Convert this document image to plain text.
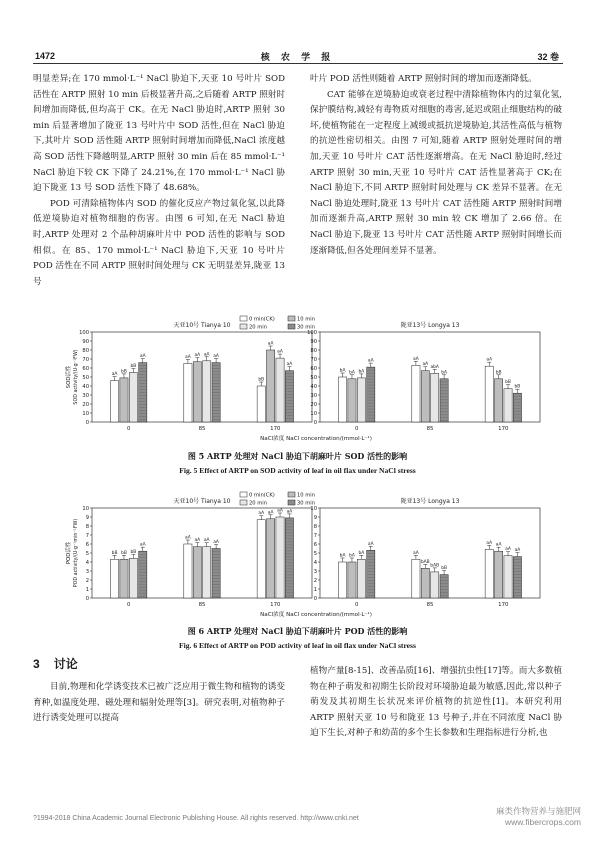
1472	核 农 学 报	32 卷

明显差异;在 170 mmol·L⁻¹ NaCl 胁迫下,天亚 10 号叶片 SOD 活性在 ARTP 照射 10 min 后极显著升高,之后随着 ARTP 照射时间增加而降低,但均高于 CK。在无 NaCl 胁迫时,ARTP 照射 30 min 后显著增加了陇亚 13 号叶片中 SOD 活性,但在 NaCl 胁迫下,其叶片 SOD 活性随 ARTP 照射时间增加而降低,NaCl 浓度越高 SOD 活性下降越明显,ARTP 照射 30 min 后在 85 mmol·L⁻¹ NaCl 胁迫下较 CK 下降了 24.21%,在 170 mmol·L⁻¹ NaCl 胁迫下陇亚 13 号 SOD 活性下降了 48.68%。

POD 可清除植物体内 SOD 的催化反应产物过氧化氢,以此降低逆境胁迫对植物细胞的伤害。由图 6 可知,在无 NaCl 胁迫时,ARTP 处理对 2 个品种胡麻叶片中 POD 活性的影响与 SOD 相似。在 85、170 mmol·L⁻¹ NaCl 胁迫下,天亚 10 号叶片 POD 活性在不同 ARTP 照射时间处理与 CK 无明显差异,陇亚 13 号

叶片 POD 活性则随着 ARTP 照射时间的增加而逐渐降低。

CAT 能够在逆境胁迫或衰老过程中清除植物体内的过氧化氢,保护膜结构,减轻有毒物质对细胞的毒害,延迟或阻止细胞结构的破坏,使植物能在一定程度上减缓或抵抗逆境胁迫,其活性高低与植物的抗逆性密切相关。由图 7 可知,随着 ARTP 照射处理时间的增加,天亚 10 号叶片 CAT 活性逐渐增高。在无 NaCl 胁迫时,经过 ARTP 照射 30 min,天亚 10 号叶片 CAT 活性显著高于 CK;在 NaCl 胁迫下,不同 ARTP 照射时间处理与 CK 差异不显著。在无 NaCl 胁迫处理时,陇亚 13 号叶片 CAT 活性随 ARTP 照射时间增加而逐渐升高,ARTP 照射 30 min 较 CK 增加了 2.66 倍。在 NaCl 胁迫下,陇亚 13 号叶片 CAT 活性随 ARTP 照射时间增长而逐渐降低,但各处理间差异不显著。

0
10
20
30
40
50
60
70
80
90
100
天亚10号 Tianya 10
0
aA
bB
bB
aA
85
aA aA aA aA
170
bB
aA
aA
aA
SOD活性 SOD activity/(U·g⁻¹FW)
0
10
20
30
40
50
60
70
80
90
100
陇亚13号 Longya 13
0
bA bA bA
aA
85
aA
aA
abA
bA
170
aA
bB
bB
bB
0 min(CK)	10 min
20 min	30 min
NaCl浓度 NaCl concentration/(mmol·L⁻¹)
图 5 ARTP 处理对 NaCl 胁迫下胡麻叶片 SOD 活性的影响
Fig. 5 Effect of ARTP on SOD activity of leaf in oil flax under NaCl stress
0
1
2
3
4
5
6
7
8
9
10
天亚10号 Tianya 10
0
bB bB bB
aA
85
aA
aA aA aA
170
aA aA aA aA
POD活性 POD activity/(U·g⁻¹min⁻¹FW)
0
1
2
3
4
5
6
7
8
9
10
陇亚13号 Longya 13
0
bA bA
bA
aA
85
aA
bAB
bAB
bB
170
aA aA
aA aA
0 min(CK)	10 min
20 min	30 min
NaCl浓度 NaCl concentration/(mmol·L⁻¹)
图 6 ARTP 处理对 NaCl 胁迫下胡麻叶片 POD 活性的影响
Fig. 6 Effect of ARTP on POD activity of leaf in oil flax under NaCl stress
3 讨论
目前,物理和化学诱变技术已被广泛应用于微生物和植物的诱变育种,如温度处理、磁处理和辐射处理等[3]。研究表明,对植物种子进行诱变处理可以提高
植物产量[8-15]、改善品质[16]、增强抗虫性[17]等。而大多数植物在种子萌发和初期生长阶段对环境胁迫最为敏感,因此,常以种子萌发及其初期生长状况来评价植物的抗逆性[1]。本研究利用 ARTP 照射天亚 10 号和陇亚 13 号种子,并在不同浓度 NaCl 胁迫下生长,对种子和幼苗的多个生长参数和生理指标进行分析,也
?1994-2018 China Academic Journal Electronic Publishing House. All rights reserved. http://www.cnki.net
麻类作物营养与施肥网
www.fibercrops.com
